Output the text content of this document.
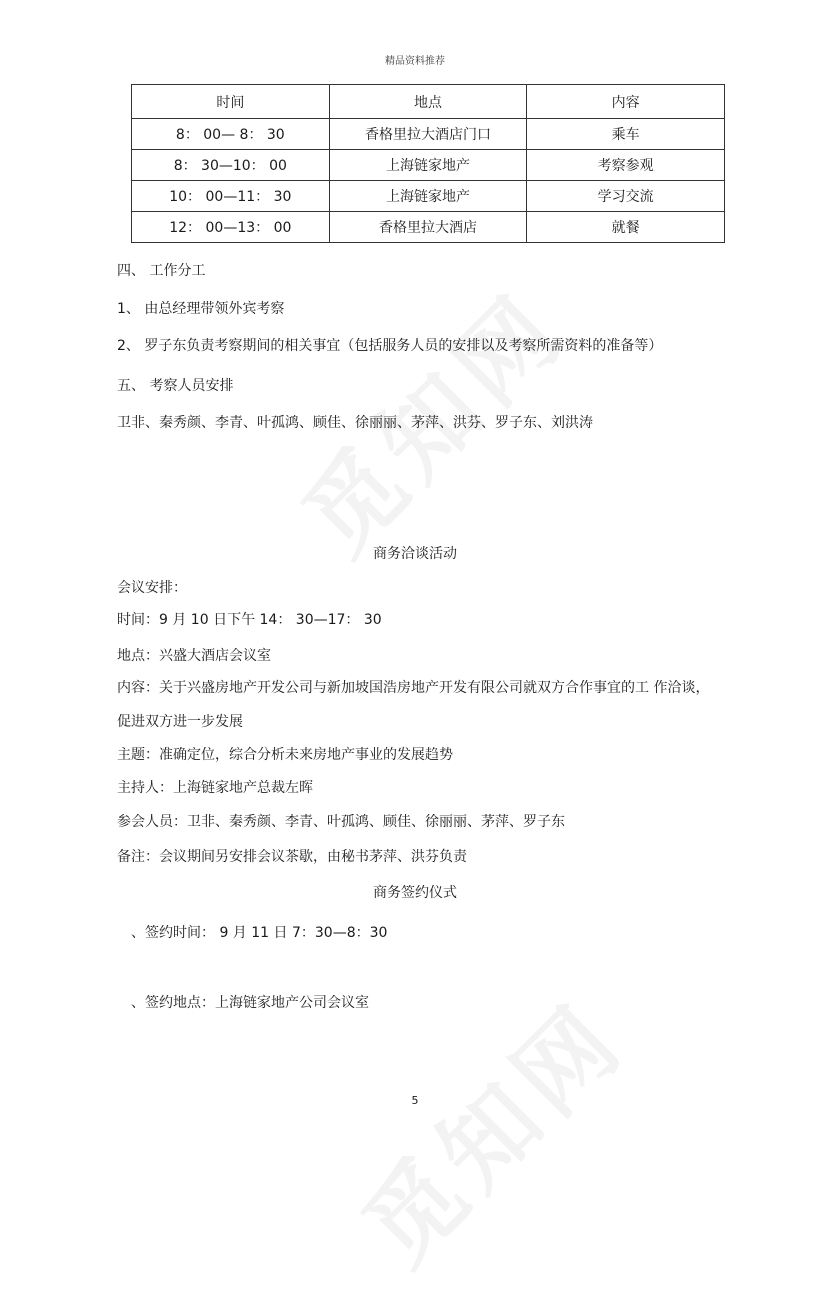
精品资料推荐
时间	地点	内容
8： 00— 8： 30	香格里拉大酒店门口	乘车
8： 30—10： 00	上海链家地产	考察参观
10： 00—11： 30	上海链家地产	学习交流
12： 00—13： 00	香格里拉大酒店	就餐
四、 工作分工
1、 由总经理带领外宾考察
2、 罗子东负责考察期间的相关事宜（包括服务人员的安排以及考察所需资料的准备等）
五、 考察人员安排
卫非、秦秀颜、李青、叶孤鸿、顾佳、徐丽丽、茅萍、洪芬、罗子东、刘洪涛
商务洽谈活动
会议安排：
时间：9 月 10 日下午 14： 30—17： 30
地点：兴盛大酒店会议室
内容：关于兴盛房地产开发公司与新加坡国浩房地产开发有限公司就双方合作事宜的工 作洽谈，
促进双方进一步发展
主题：准确定位，综合分析未来房地产事业的发展趋势
主持人：上海链家地产总裁左晖
参会人员：卫非、秦秀颜、李青、叶孤鸿、顾佳、徐丽丽、茅萍、罗子东
备注：会议期间另安排会议茶歇，由秘书茅萍、洪芬负责
商务签约仪式
、签约时间： 9 月 11 日 7：30—8：30
、签约地点：上海链家地产公司会议室
5
